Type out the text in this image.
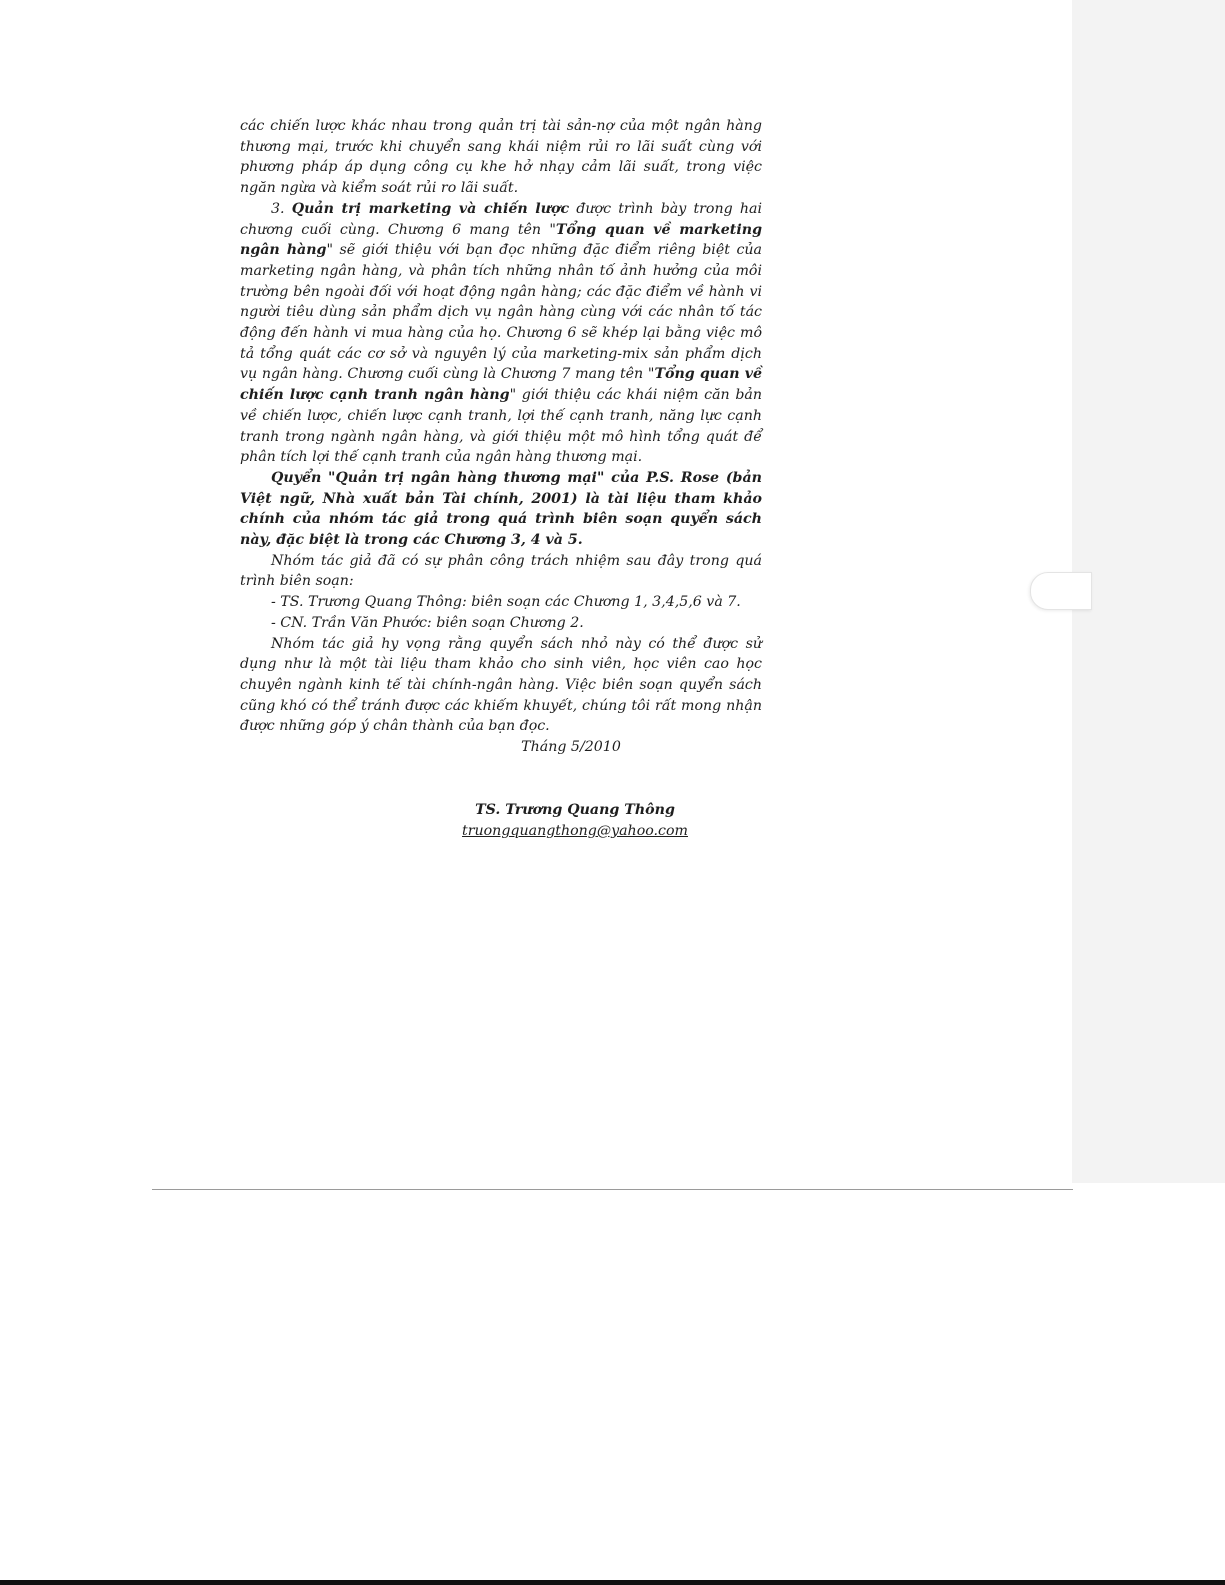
các chiến lược khác nhau trong quản trị tài sản-nợ của một ngân hàng thương mại, trước khi chuyển sang khái niệm rủi ro lãi suất cùng với phương pháp áp dụng công cụ khe hở nhạy cảm lãi suất, trong việc ngăn ngừa và kiểm soát rủi ro lãi suất.

3. Quản trị marketing và chiến lược được trình bày trong hai chương cuối cùng. Chương 6 mang tên "Tổng quan về marketing ngân hàng" sẽ giới thiệu với bạn đọc những đặc điểm riêng biệt của marketing ngân hàng, và phân tích những nhân tố ảnh hưởng của môi trường bên ngoài đối với hoạt động ngân hàng; các đặc điểm về hành vi người tiêu dùng sản phẩm dịch vụ ngân hàng cùng với các nhân tố tác động đến hành vi mua hàng của họ. Chương 6 sẽ khép lại bằng việc mô tả tổng quát các cơ sở và nguyên lý của marketing-mix sản phẩm dịch vụ ngân hàng. Chương cuối cùng là Chương 7 mang tên "Tổng quan về chiến lược cạnh tranh ngân hàng" giới thiệu các khái niệm căn bản về chiến lược, chiến lược cạnh tranh, lợi thế cạnh tranh, năng lực cạnh tranh trong ngành ngân hàng, và giới thiệu một mô hình tổng quát để phân tích lợi thế cạnh tranh của ngân hàng thương mại.

Quyển "Quản trị ngân hàng thương mại" của P.S. Rose (bản Việt ngữ, Nhà xuất bản Tài chính, 2001) là tài liệu tham khảo chính của nhóm tác giả trong quá trình biên soạn quyển sách này, đặc biệt là trong các Chương 3, 4 và 5.

Nhóm tác giả đã có sự phân công trách nhiệm sau đây trong quá trình biên soạn:

- TS. Trương Quang Thông: biên soạn các Chương 1, 3,4,5,6 và 7.

- CN. Trần Văn Phước: biên soạn Chương 2.

Nhóm tác giả hy vọng rằng quyển sách nhỏ này có thể được sử dụng như là một tài liệu tham khảo cho sinh viên, học viên cao học chuyên ngành kinh tế tài chính-ngân hàng. Việc biên soạn quyển sách cũng khó có thể tránh được các khiếm khuyết, chúng tôi rất mong nhận được những góp ý chân thành của bạn đọc.

Tháng 5/2010

TS. Trương Quang Thông
truongquangthong@yahoo.com
